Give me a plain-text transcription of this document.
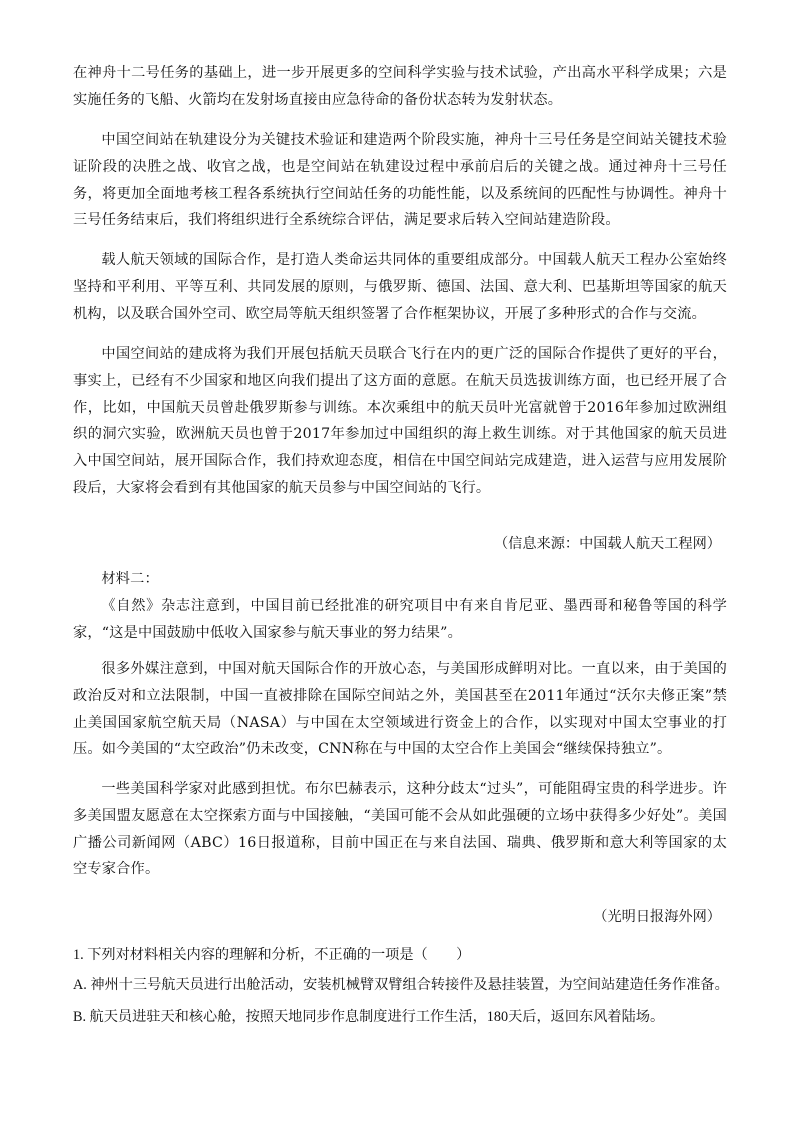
在神舟十二号任务的基础上，进一步开展更多的空间科学实验与技术试验，产出高水平科学成果；六是实施任务的飞船、火箭均在发射场直接由应急待命的备份状态转为发射状态。

中国空间站在轨建设分为关键技术验证和建造两个阶段实施，神舟十三号任务是空间站关键技术验证阶段的决胜之战、收官之战，也是空间站在轨建设过程中承前启后的关键之战。通过神舟十三号任务，将更加全面地考核工程各系统执行空间站任务的功能性能，以及系统间的匹配性与协调性。神舟十三号任务结束后，我们将组织进行全系统综合评估，满足要求后转入空间站建造阶段。

载人航天领域的国际合作，是打造人类命运共同体的重要组成部分。中国载人航天工程办公室始终坚持和平利用、平等互利、共同发展的原则，与俄罗斯、德国、法国、意大利、巴基斯坦等国家的航天机构，以及联合国外空司、欧空局等航天组织签署了合作框架协议，开展了多种形式的合作与交流。

中国空间站的建成将为我们开展包括航天员联合飞行在内的更广泛的国际合作提供了更好的平台，事实上，已经有不少国家和地区向我们提出了这方面的意愿。在航天员选拔训练方面，也已经开展了合作，比如，中国航天员曾赴俄罗斯参与训练。本次乘组中的航天员叶光富就曾于2016年参加过欧洲组织的洞穴实验，欧洲航天员也曾于2017年参加过中国组织的海上救生训练。对于其他国家的航天员进入中国空间站，展开国际合作，我们持欢迎态度，相信在中国空间站完成建造，进入运营与应用发展阶段后，大家将会看到有其他国家的航天员参与中国空间站的飞行。

（信息来源：中国载人航天工程网）

材料二：

《自然》杂志注意到，中国目前已经批准的研究项目中有来自肯尼亚、墨西哥和秘鲁等国的科学家，“这是中国鼓励中低收入国家参与航天事业的努力结果”。

很多外媒注意到，中国对航天国际合作的开放心态，与美国形成鲜明对比。一直以来，由于美国的政治反对和立法限制，中国一直被排除在国际空间站之外，美国甚至在2011年通过“沃尔夫修正案”禁止美国国家航空航天局（NASA）与中国在太空领域进行资金上的合作，以实现对中国太空事业的打压。如今美国的“太空政治”仍未改变，CNN称在与中国的太空合作上美国会“继续保持独立”。

一些美国科学家对此感到担忧。布尔巴赫表示，这种分歧太“过头”，可能阻碍宝贵的科学进步。许多美国盟友愿意在太空探索方面与中国接触，“美国可能不会从如此强硬的立场中获得多少好处”。美国广播公司新闻网（ABC）16日报道称，目前中国正在与来自法国、瑞典、俄罗斯和意大利等国家的太空专家合作。

（光明日报海外网）

1. 下列对材料相关内容的理解和分析，不正确的一项是（　　）

A. 神州十三号航天员进行出舱活动，安装机械臂双臂组合转接件及悬挂装置，为空间站建造任务作准备。

B. 航天员进驻天和核心舱，按照天地同步作息制度进行工作生活，180天后，返回东风着陆场。
